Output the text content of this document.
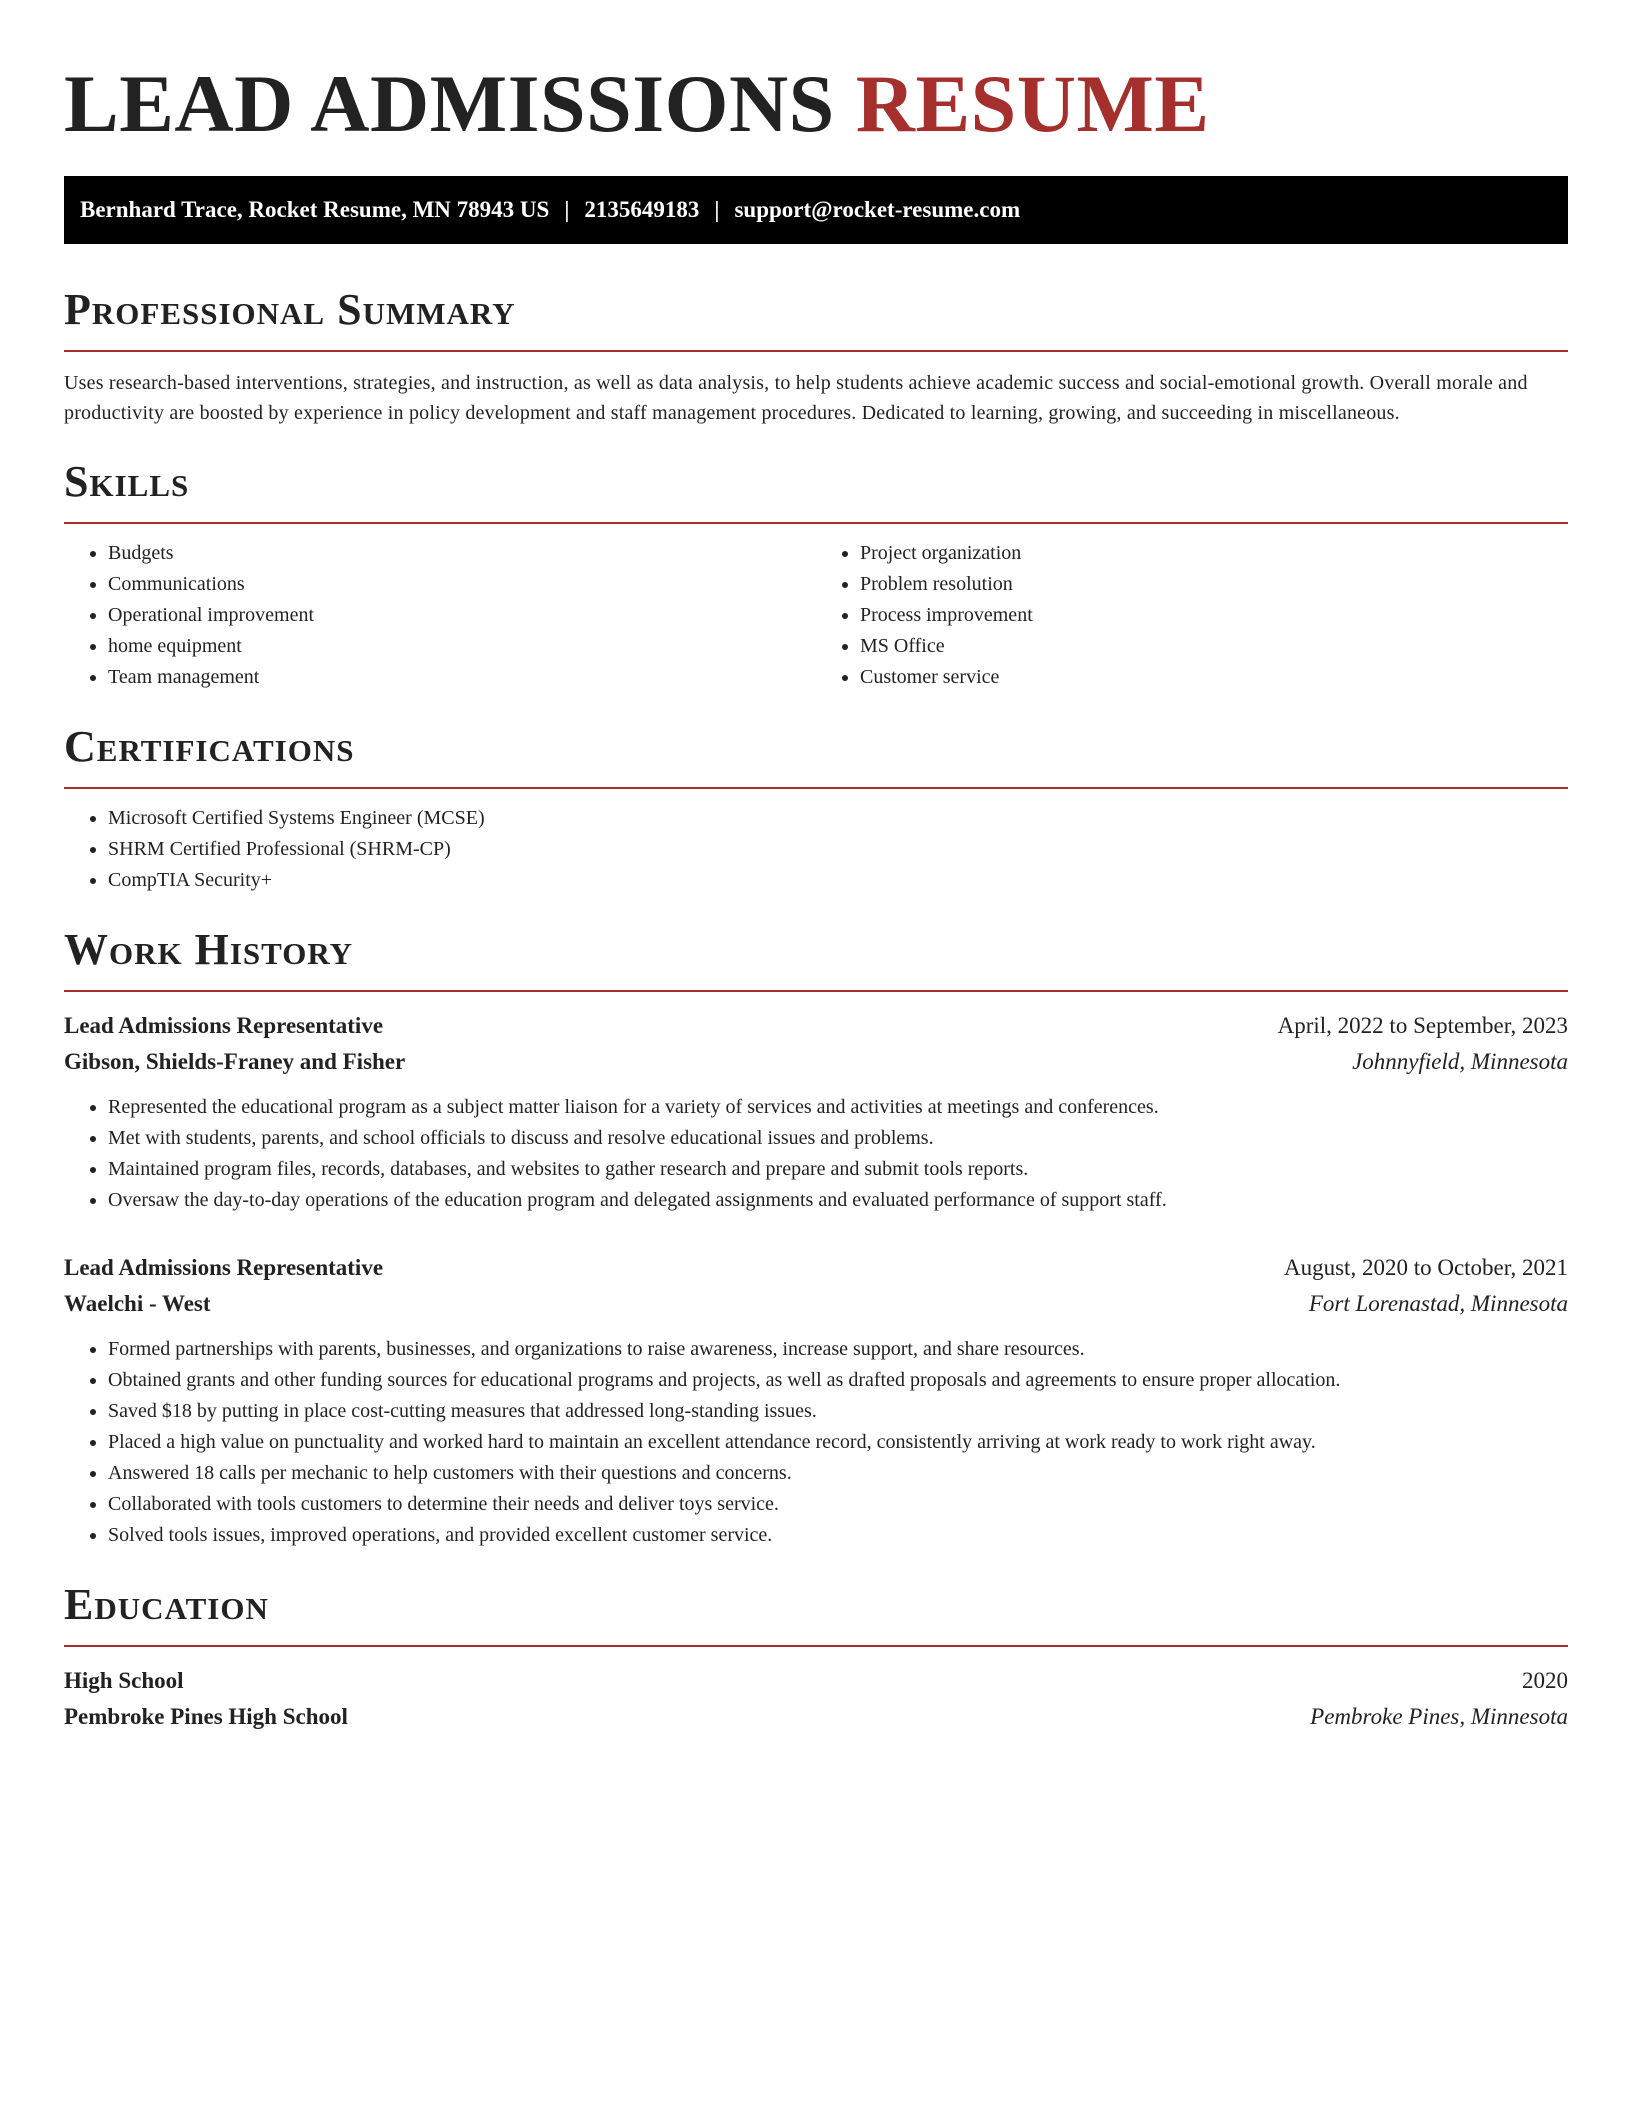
LEAD ADMISSIONS RESUME
Bernhard Trace, Rocket Resume, MN 78943 US | 2135649183 | support@rocket-resume.com
Professional Summary

Uses research-based interventions, strategies, and instruction, as well as data analysis, to help students achieve academic success and social-emotional growth. Overall morale and productivity are boosted by experience in policy development and staff management procedures. Dedicated to learning, growing, and succeeding in miscellaneous.

Skills
• Budgets
• Communications
• Operational improvement
• home equipment
• Team management
• Project organization
• Problem resolution
• Process improvement
• MS Office
• Customer service
Certifications
• Microsoft Certified Systems Engineer (MCSE)
• SHRM Certified Professional (SHRM-CP)
• CompTIA Security+
Work History
Lead Admissions Representative	April, 2022 to September, 2023
Gibson, Shields-Franey and Fisher	Johnnyfield, Minnesota
• Represented the educational program as a subject matter liaison for a variety of services and activities at meetings and conferences.
• Met with students, parents, and school officials to discuss and resolve educational issues and problems.
• Maintained program files, records, databases, and websites to gather research and prepare and submit tools reports.
• Oversaw the day-to-day operations of the education program and delegated assignments and evaluated performance of support staff.
Lead Admissions Representative	August, 2020 to October, 2021
Waelchi - West	Fort Lorenastad, Minnesota
• Formed partnerships with parents, businesses, and organizations to raise awareness, increase support, and share resources.
• Obtained grants and other funding sources for educational programs and projects, as well as drafted proposals and agreements to ensure proper allocation.
• Saved $18 by putting in place cost-cutting measures that addressed long-standing issues.
• Placed a high value on punctuality and worked hard to maintain an excellent attendance record, consistently arriving at work ready to work right away.
• Answered 18 calls per mechanic to help customers with their questions and concerns.
• Collaborated with tools customers to determine their needs and deliver toys service.
• Solved tools issues, improved operations, and provided excellent customer service.
Education
High School	2020
Pembroke Pines High School	Pembroke Pines, Minnesota
